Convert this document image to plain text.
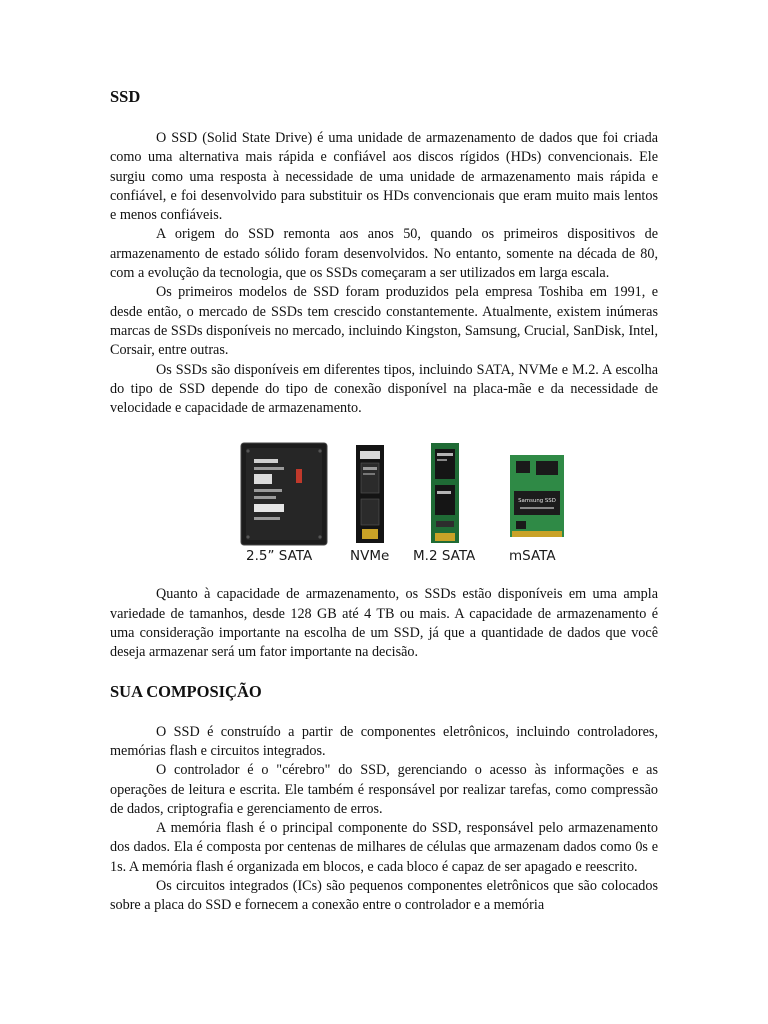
SSD

O SSD (Solid State Drive) é uma unidade de armazenamento de dados que foi criada como uma alternativa mais rápida e confiável aos discos rígidos (HDs) convencionais. Ele surgiu como uma resposta à necessidade de uma unidade de armazenamento mais rápida e confiável, e foi desenvolvido para substituir os HDs convencionais que eram muito mais lentos e menos confiáveis.

A origem do SSD remonta aos anos 50, quando os primeiros dispositivos de armazenamento de estado sólido foram desenvolvidos. No entanto, somente na década de 80, com a evolução da tecnologia, que os SSDs começaram a ser utilizados em larga escala.

Os primeiros modelos de SSD foram produzidos pela empresa Toshiba em 1991, e desde então, o mercado de SSDs tem crescido constantemente. Atualmente, existem inúmeras marcas de SSDs disponíveis no mercado, incluindo Kingston, Samsung, Crucial, SanDisk, Intel, Corsair, entre outras.

Os SSDs são disponíveis em diferentes tipos, incluindo SATA, NVMe e M.2. A escolha do tipo de SSD depende do tipo de conexão disponível na placa-mãe e da necessidade de velocidade e capacidade de armazenamento.

Samsung SSD
2.5” SATA	NVMe M.2 SATA mSATA

Quanto à capacidade de armazenamento, os SSDs estão disponíveis em uma ampla variedade de tamanhos, desde 128 GB até 4 TB ou mais. A capacidade de armazenamento é uma consideração importante na escolha de um SSD, já que a quantidade de dados que você deseja armazenar será um fator importante na decisão.

SUA COMPOSIÇÃO

O SSD é construído a partir de componentes eletrônicos, incluindo controladores, memórias flash e circuitos integrados.

O controlador é o "cérebro" do SSD, gerenciando o acesso às informações e as operações de leitura e escrita. Ele também é responsável por realizar tarefas, como compressão de dados, criptografia e gerenciamento de erros.

A memória flash é o principal componente do SSD, responsável pelo armazenamento dos dados. Ela é composta por centenas de milhares de células que armazenam dados como 0s e 1s. A memória flash é organizada em blocos, e cada bloco é capaz de ser apagado e reescrito.

Os circuitos integrados (ICs) são pequenos componentes eletrônicos que são colocados sobre a placa do SSD e fornecem a conexão entre o controlador e a memória
